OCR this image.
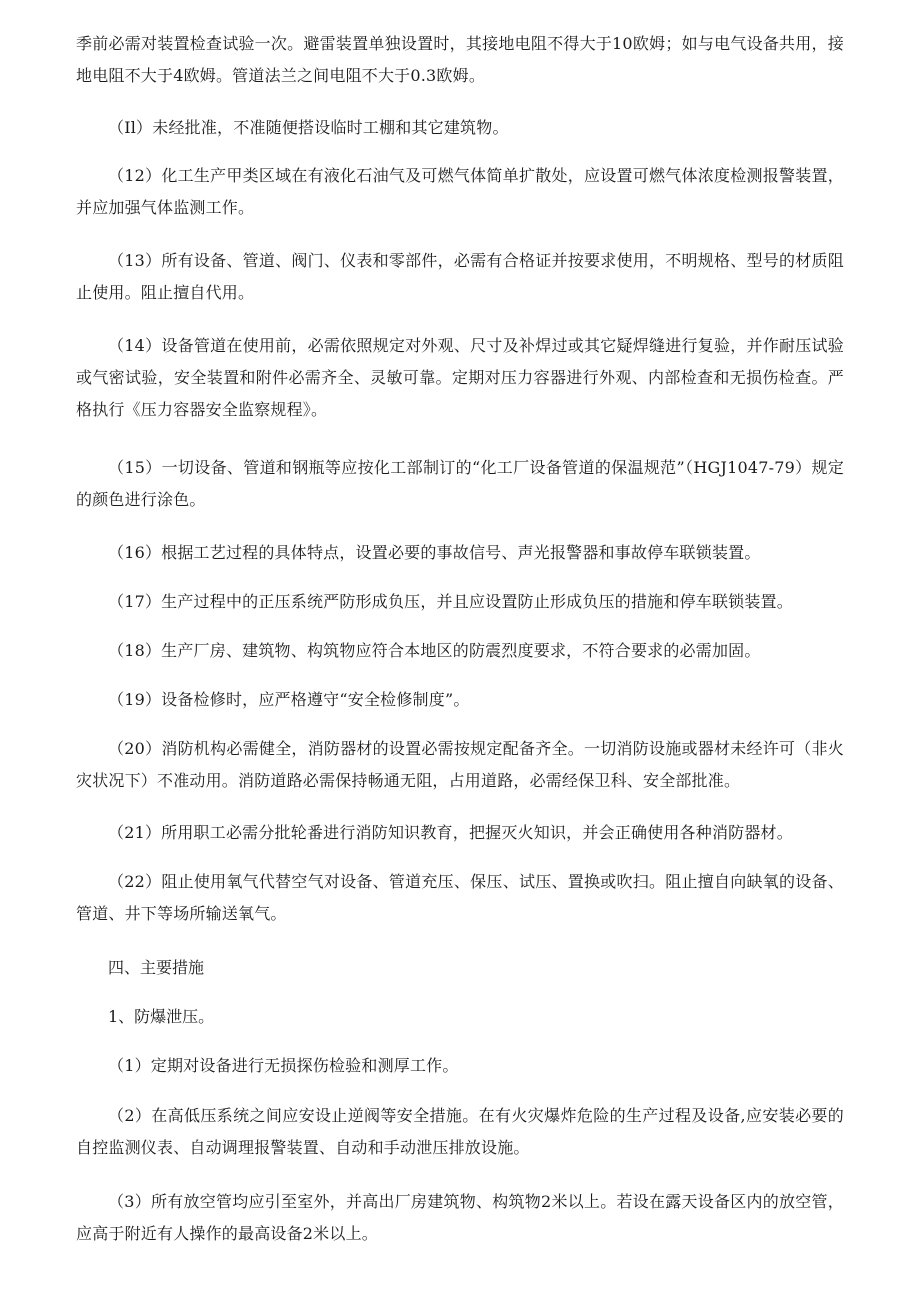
季前必需对装置检查试验一次。避雷装置单独设置时，其接地电阻不得大于10欧姆；如与电气设备共用，接地电阻不大于4欧姆。管道法兰之间电阻不大于0.3欧姆。

（Il）未经批准，不准随便搭设临时工棚和其它建筑物。

（12）化工生产甲类区域在有液化石油气及可燃气体简单扩散处，应设置可燃气体浓度检测报警装置，并应加强气体监测工作。

（13）所有设备、管道、阀门、仪表和零部件，必需有合格证并按要求使用，不明规格、型号的材质阻止使用。阻止擅自代用。

（14）设备管道在使用前，必需依照规定对外观、尺寸及补焊过或其它疑焊缝进行复验，并作耐压试验或气密试验，安全装置和附件必需齐全、灵敏可靠。定期对压力容器进行外观、内部检查和无损伤检查。严格执行《压力容器安全监察规程》。

（15）一切设备、管道和钢瓶等应按化工部制订的“化工厂设备管道的保温规范”（HGJ1047-79）规定的颜色进行涂色。

（16）根据工艺过程的具体特点，设置必要的事故信号、声光报警器和事故停车联锁装置。

（17）生产过程中的正压系统严防形成负压，并且应设置防止形成负压的措施和停车联锁装置。

（18）生产厂房、建筑物、构筑物应符合本地区的防震烈度要求，不符合要求的必需加固。

（19）设备检修时，应严格遵守“安全检修制度”。

（20）消防机构必需健全，消防器材的设置必需按规定配备齐全。一切消防设施或器材未经许可（非火灾状况下）不准动用。消防道路必需保持畅通无阻，占用道路，必需经保卫科、安全部批准。

（21）所用职工必需分批轮番进行消防知识教育，把握灭火知识，并会正确使用各种消防器材。

（22）阻止使用氧气代替空气对设备、管道充压、保压、试压、置换或吹扫。阻止擅自向缺氧的设备、管道、井下等场所输送氧气。

四、主要措施

1、防爆泄压。

（1）定期对设备进行无损探伤检验和测厚工作。

（2）在高低压系统之间应安设止逆阀等安全措施。在有火灾爆炸危险的生产过程及设备,应安装必要的自控监测仪表、自动调理报警装置、自动和手动泄压排放设施。

（3）所有放空管均应引至室外，并高出厂房建筑物、构筑物2米以上。若设在露天设备区内的放空管，应高于附近有人操作的最高设备2米以上。
